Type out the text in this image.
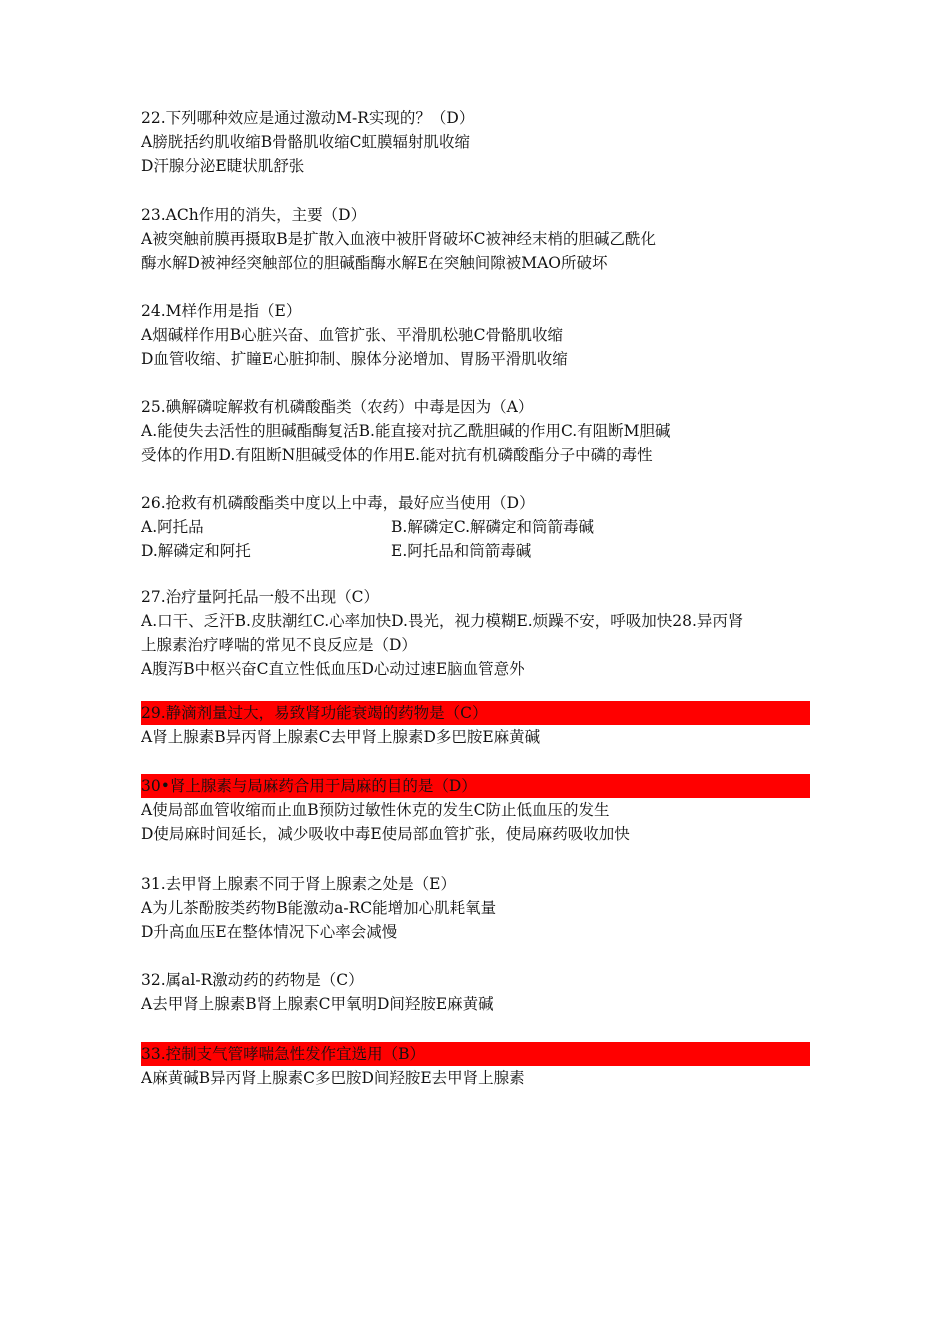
22.下列哪种效应是通过激动M-R实现的？（D）
A膀胱括约肌收缩B骨骼肌收缩C虹膜辐射肌收缩
D汗腺分泌E睫状肌舒张
23.ACh作用的消失，主要（D）
A被突触前膜再摄取B是扩散入血液中被肝肾破坏C被神经末梢的胆碱乙酰化
酶水解D被神经突触部位的胆碱酯酶水解E在突触间隙被MAO所破坏
24.M样作用是指（E）
A烟碱样作用B心脏兴奋、血管扩张、平滑肌松驰C骨骼肌收缩
D血管收缩、扩瞳E心脏抑制、腺体分泌增加、胃肠平滑肌收缩
25.碘解磷啶解救有机磷酸酯类（农药）中毒是因为（A）
A.能使失去活性的胆碱酯酶复活B.能直接对抗乙酰胆碱的作用C.有阻断M胆碱
受体的作用D.有阻断N胆碱受体的作用E.能对抗有机磷酸酯分子中磷的毒性
26.抢救有机磷酸酯类中度以上中毒，最好应当使用（D）
A.阿托品	B.解磷定C.解磷定和筒箭毒碱
D.解磷定和阿托	E.阿托品和筒箭毒碱
27.治疗量阿托品一般不出现（C）
A.口干、乏汗B.皮肤潮红C.心率加快D.畏光，视力模糊E.烦躁不安，呼吸加快28.异丙肾
上腺素治疗哮喘的常见不良反应是（D）
A腹泻B中枢兴奋C直立性低血压D心动过速E脑血管意外
29.静滴剂量过大，易致肾功能衰竭的药物是（C）
A肾上腺素B异丙肾上腺素C去甲肾上腺素D多巴胺E麻黄碱
30•肾上腺素与局麻药合用于局麻的目的是（D）
A使局部血管收缩而止血B预防过敏性休克的发生C防止低血压的发生
D使局麻时间延长，减少吸收中毒E使局部血管扩张，使局麻药吸收加快
31.去甲肾上腺素不同于肾上腺素之处是（E）
A为儿茶酚胺类药物B能激动a-RC能增加心肌耗氧量
D升高血压E在整体情况下心率会减慢
32.属al-R激动药的药物是（C）
A去甲肾上腺素B肾上腺素C甲氧明D间羟胺E麻黄碱
33.控制支气管哮喘急性发作宜选用（B）
A麻黄碱B异丙肾上腺素C多巴胺D间羟胺E去甲肾上腺素
